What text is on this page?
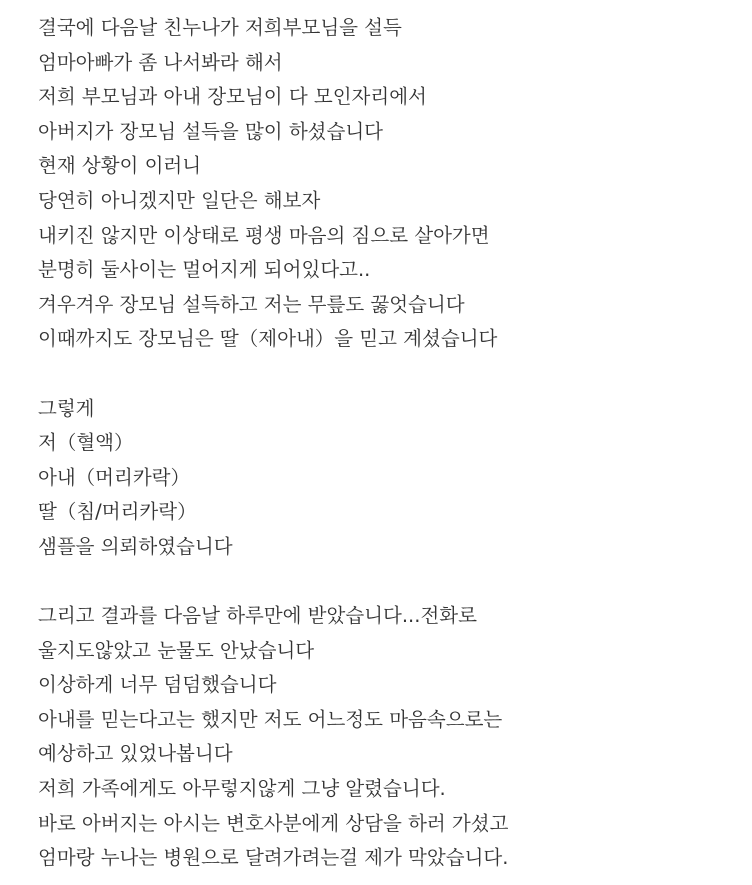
결국에 다음날 친누나가 저희부모님을 설득
엄마아빠가 좀 나서봐라 해서
저희 부모님과 아내 장모님이 다 모인자리에서
아버지가 장모님 설득을 많이 하셨습니다
현재 상황이 이러니
당연히 아니겠지만 일단은 해보자
내키진 않지만 이상태로 평생 마음의 짐으로 살아가면
분명히 둘사이는 멀어지게 되어있다고..
겨우겨우 장모님 설득하고 저는 무릎도 꿇엇습니다
이때까지도 장모님은 딸（제아내）을 믿고 계셨습니다
그렇게
저（혈액）
아내（머리카락）
딸（침/머리카락）
샘플을 의뢰하였습니다
그리고 결과를 다음날 하루만에 받았습니다...전화로
울지도않았고 눈물도 안났습니다
이상하게 너무 덤덤했습니다
아내를 믿는다고는 했지만 저도 어느정도 마음속으로는
예상하고 있었나봅니다
저희 가족에게도 아무렇지않게 그냥 알렸습니다.
바로 아버지는 아시는 변호사분에게 상담을 하러 가셨고
엄마랑 누나는 병원으로 달려가려는걸 제가 막았습니다.
